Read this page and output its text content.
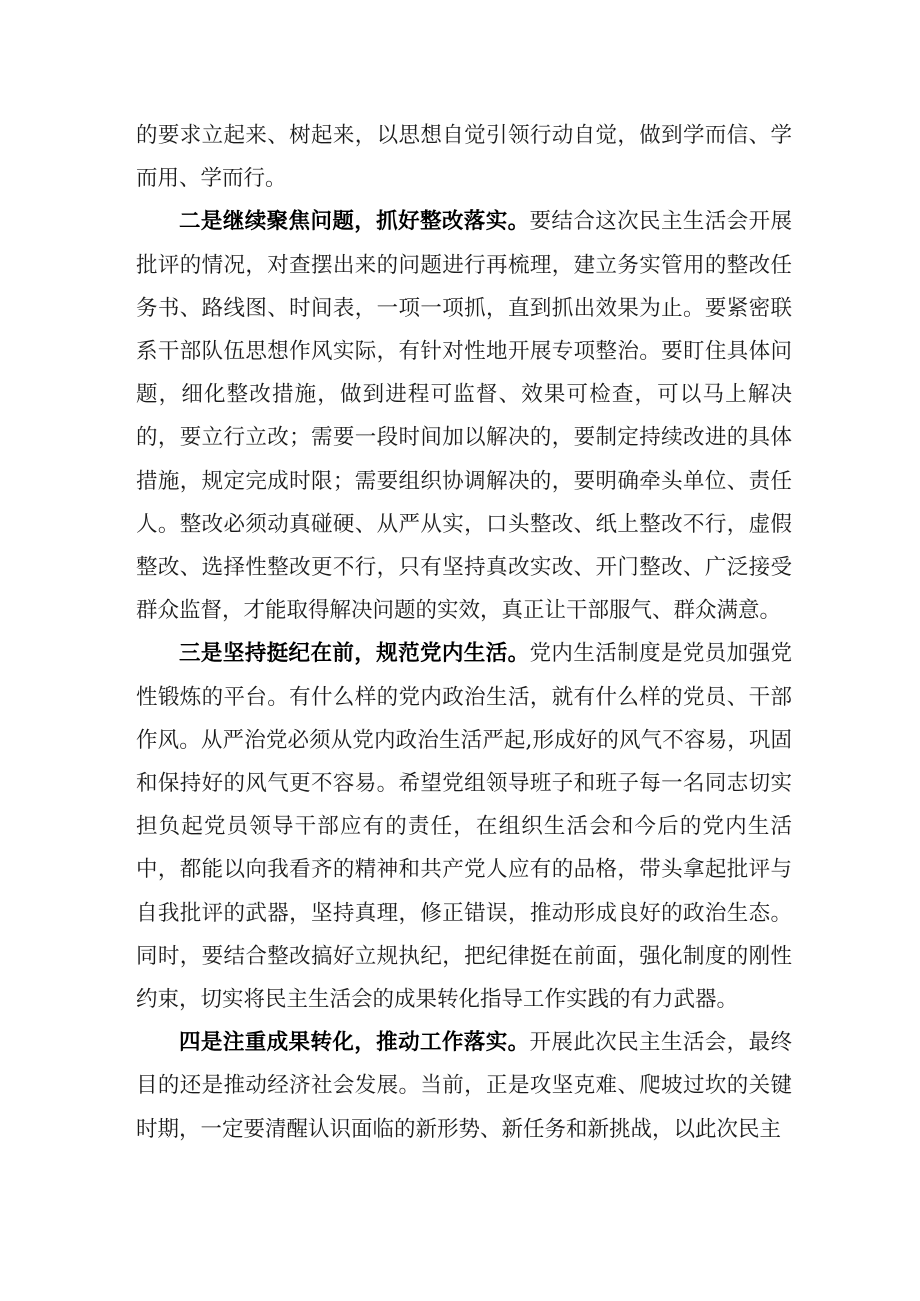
的要求立起来、树起来，以思想自觉引领行动自觉，做到学而信、学而用、学而行。

二是继续聚焦问题，抓好整改落实。要结合这次民主生活会开展批评的情况，对查摆出来的问题进行再梳理，建立务实管用的整改任务书、路线图、时间表，一项一项抓，直到抓出效果为止。要紧密联系干部队伍思想作风实际，有针对性地开展专项整治。要盯住具体问题，细化整改措施，做到进程可监督、效果可检查，可以马上解决的，要立行立改；需要一段时间加以解决的，要制定持续改进的具体措施，规定完成时限；需要组织协调解决的，要明确牵头单位、责任人。整改必须动真碰硬、从严从实，口头整改、纸上整改不行，虚假整改、选择性整改更不行，只有坚持真改实改、开门整改、广泛接受群众监督，才能取得解决问题的实效，真正让干部服气、群众满意。

三是坚持挺纪在前，规范党内生活。党内生活制度是党员加强党性锻炼的平台。有什么样的党内政治生活，就有什么样的党员、干部作风。从严治党必须从党内政治生活严起,形成好的风气不容易，巩固和保持好的风气更不容易。希望党组领导班子和班子每一名同志切实担负起党员领导干部应有的责任，在组织生活会和今后的党内生活中，都能以向我看齐的精神和共产党人应有的品格，带头拿起批评与自我批评的武器，坚持真理，修正错误，推动形成良好的政治生态。同时，要结合整改搞好立规执纪，把纪律挺在前面，强化制度的刚性约束，切实将民主生活会的成果转化指导工作实践的有力武器。

四是注重成果转化，推动工作落实。开展此次民主生活会，最终目的还是推动经济社会发展。当前，正是攻坚克难、爬坡过坎的关键时期，一定要清醒认识面临的新形势、新任务和新挑战，以此次民主
